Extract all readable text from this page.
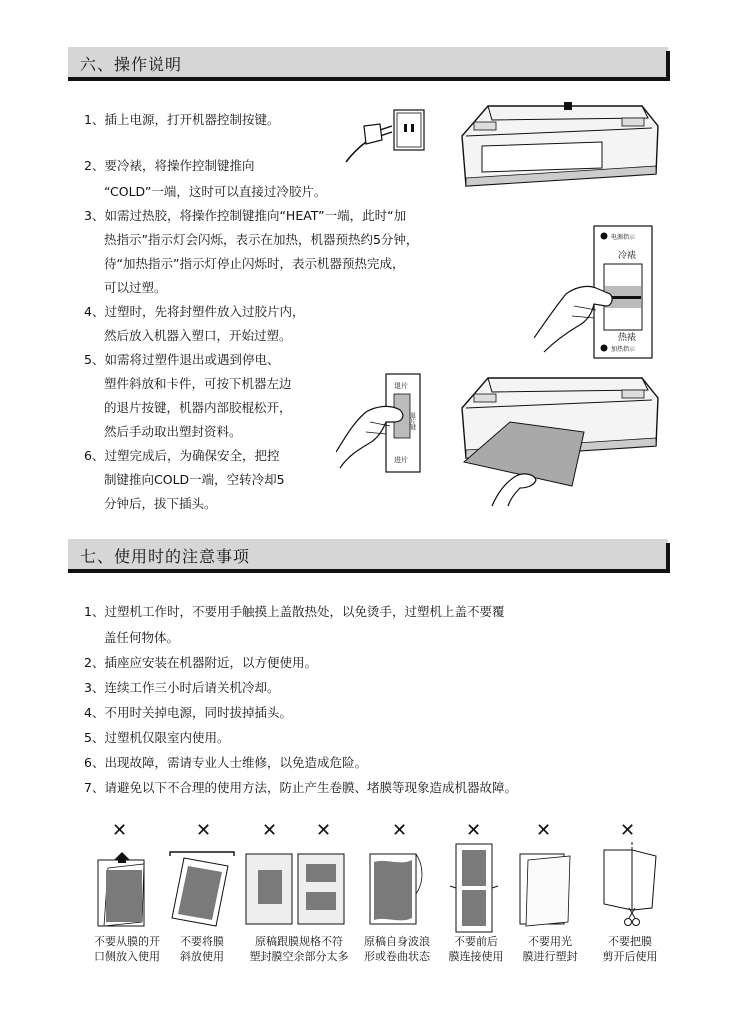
六、操作说明
1、插上电源，打开机器控制按键。
2、要冷裱，将操作控制键推向
“COLD”一端，这时可以直接过冷胶片。
3、如需过热胶，将操作控制键推向“HEAT”一端，此时“加
热指示”指示灯会闪烁，表示在加热，机器预热约5分钟，
待“加热指示”指示灯停止闪烁时，表示机器预热完成，
可以过塑。
4、过塑时，先将封塑件放入过胶片内，
然后放入机器入塑口，开始过塑。
5、如需将过塑件退出或遇到停电、
塑件斜放和卡件，可按下机器左边
的退片按键，机器内部胶棍松开，
然后手动取出塑封资料。
6、过塑完成后，为确保安全，把控
制键推向COLD一端，空转冷却5
分钟后，拔下插头。
电源指示
冷裱
热裱
加热指示
退片
退片键
进片
七、使用时的注意事项
1、过塑机工作时，不要用手触摸上盖散热处，以免烫手，过塑机上盖不要覆
盖任何物体。
2、插座应安装在机器附近，以方便使用。
3、连续工作三小时后请关机冷却。
4、不用时关掉电源，同时拔掉插头。
5、过塑机仅限室内使用。
6、出现故障，需请专业人士维修，以免造成危险。
7、请避免以下不合理的使用方法，防止产生卷膜、堵膜等现象造成机器故障。
✕	✕	✕ ✕	✕	✕	✕	✕
不要从膜的开
口侧放入使用
不要将膜
斜放使用
原稿跟膜规格不符
塑封膜空余部分太多
原稿自身波浪
形或卷曲状态
不要前后
膜连接使用
不要用光
膜进行塑封
不要把膜
剪开后使用
